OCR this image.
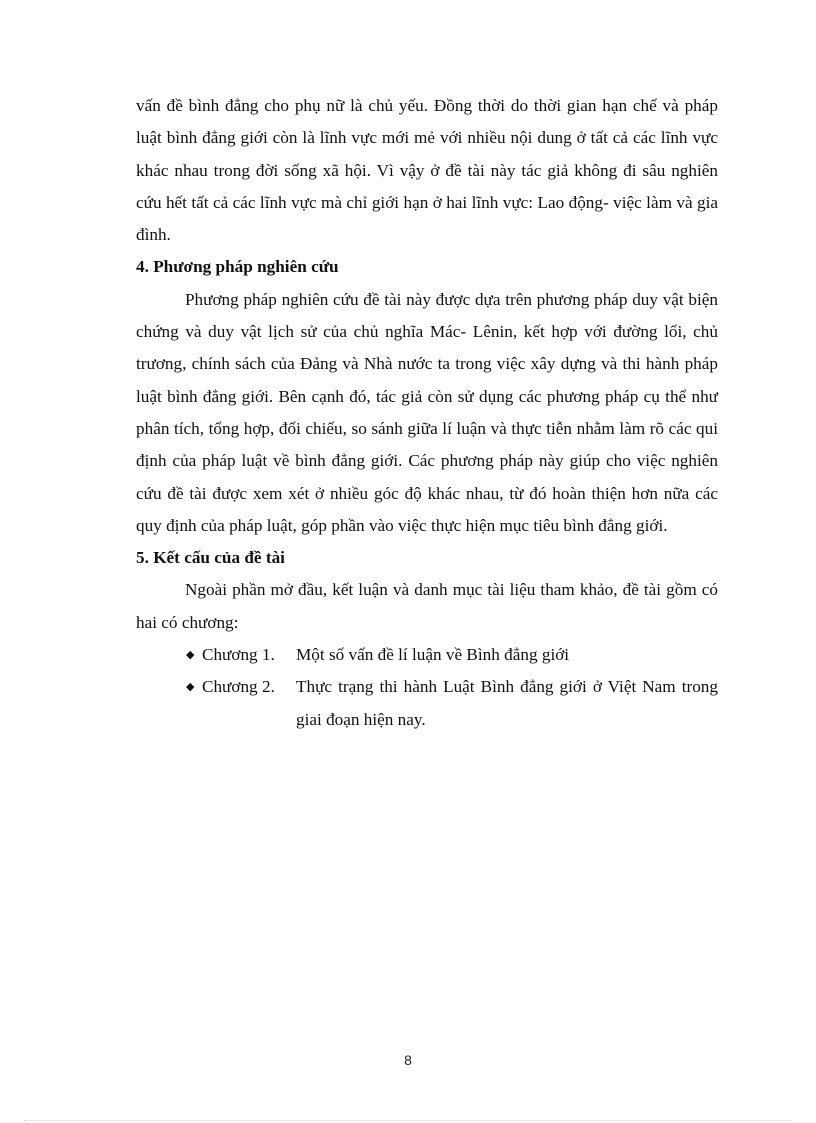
vấn đề bình đẳng cho phụ nữ là chủ yếu. Đồng thời do thời gian hạn chế và pháp luật bình đẳng giới còn là lĩnh vực mới mẻ với nhiều nội dung ở tất cả các lĩnh vực khác nhau trong đời sống xã hội. Vì vậy ở đề tài này tác giả không đi sâu nghiên cứu hết tất cả các lĩnh vực mà chỉ giới hạn ở hai lĩnh vực: Lao động- việc làm và gia đình.

4. Phương pháp nghiên cứu

Phương pháp nghiên cứu đề tài này được dựa trên phương pháp duy vật biện chứng và duy vật lịch sử của chủ nghĩa Mác- Lênin, kết hợp với đường lối, chủ trương, chính sách của Đảng và Nhà nước ta trong việc xây dựng và thi hành pháp luật bình đẳng giới. Bên cạnh đó, tác giả còn sử dụng các phương pháp cụ thể như phân tích, tổng hợp, đối chiếu, so sánh giữa lí luận và thực tiễn nhằm làm rõ các qui định của pháp luật về bình đẳng giới. Các phương pháp này giúp cho việc nghiên cứu đề tài được xem xét ở nhiều góc độ khác nhau, từ đó hoàn thiện hơn nữa các quy định của pháp luật, góp phần vào việc thực hiện mục tiêu bình đẳng giới.

5. Kết cấu của đề tài

Ngoài phần mở đầu, kết luận và danh mục tài liệu tham khảo, đề tài gồm có hai có chương:

◆ Chương 1.	Một số vấn đề lí luận về Bình đẳng giới
◆ Chương 2.	Thực trạng thi hành Luật Bình đẳng giới ở Việt Nam trong giai đoạn hiện nay.
8
